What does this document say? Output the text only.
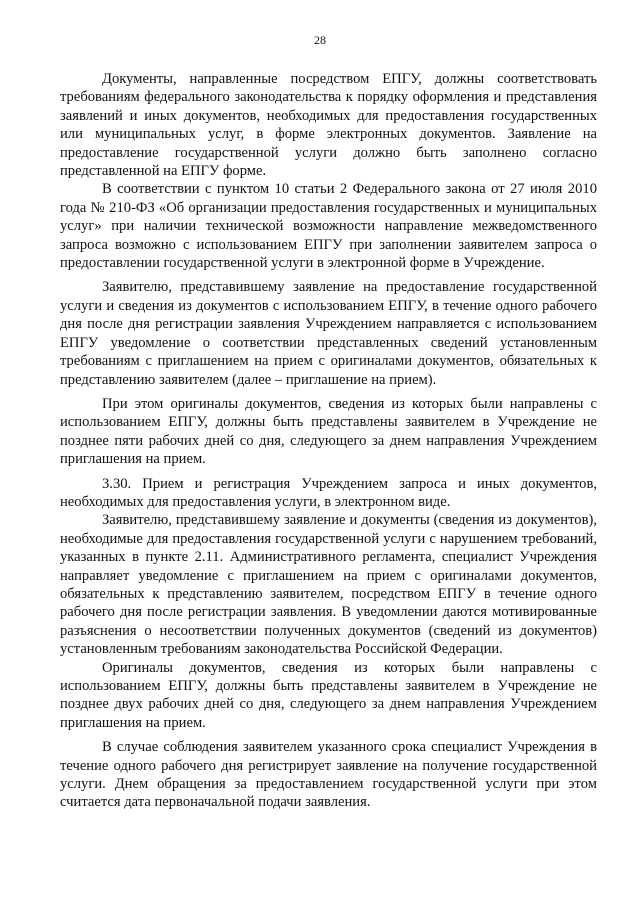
28

Документы, направленные посредством ЕПГУ, должны соответствовать требованиям федерального законодательства к порядку оформления и представления заявлений и иных документов, необходимых для предоставления государственных или муниципальных услуг, в форме электронных документов. Заявление на предоставление государственной услуги должно быть заполнено согласно представленной на ЕПГУ форме.

В соответствии с пунктом 10 статьи 2 Федерального закона от 27 июля 2010 года № 210-ФЗ «Об организации предоставления государственных и муниципальных услуг» при наличии технической возможности направление межведомственного запроса возможно с использованием ЕПГУ при заполнении заявителем запроса о предоставлении государственной услуги в электронной форме в Учреждение.

Заявителю, представившему заявление на предоставление государственной услуги и сведения из документов с использованием ЕПГУ, в течение одного рабочего дня после дня регистрации заявления Учреждением направляется с использованием ЕПГУ уведомление о соответствии представленных сведений установленным требованиям с приглашением на прием с оригиналами документов, обязательных к представлению заявителем (далее – приглашение на прием).

При этом оригиналы документов, сведения из которых были направлены с использованием ЕПГУ, должны быть представлены заявителем в Учреждение не позднее пяти рабочих дней со дня, следующего за днем направления Учреждением приглашения на прием.

3.30. Прием и регистрация Учреждением запроса и иных документов, необходимых для предоставления услуги, в электронном виде.

Заявителю, представившему заявление и документы (сведения из документов), необходимые для предоставления государственной услуги с нарушением требований, указанных в пункте 2.11. Административного регламента, специалист Учреждения направляет уведомление с приглашением на прием с оригиналами документов, обязательных к представлению заявителем, посредством ЕПГУ в течение одного рабочего дня после регистрации заявления. В уведомлении даются мотивированные разъяснения о несоответствии полученных документов (сведений из документов) установленным требованиям законодательства Российской Федерации.

Оригиналы документов, сведения из которых были направлены с использованием ЕПГУ, должны быть представлены заявителем в Учреждение не позднее двух рабочих дней со дня, следующего за днем направления Учреждением приглашения на прием.

В случае соблюдения заявителем указанного срока специалист Учреждения в течение одного рабочего дня регистрирует заявление на получение государственной услуги. Днем обращения за предоставлением государственной услуги при этом считается дата первоначальной подачи заявления.
